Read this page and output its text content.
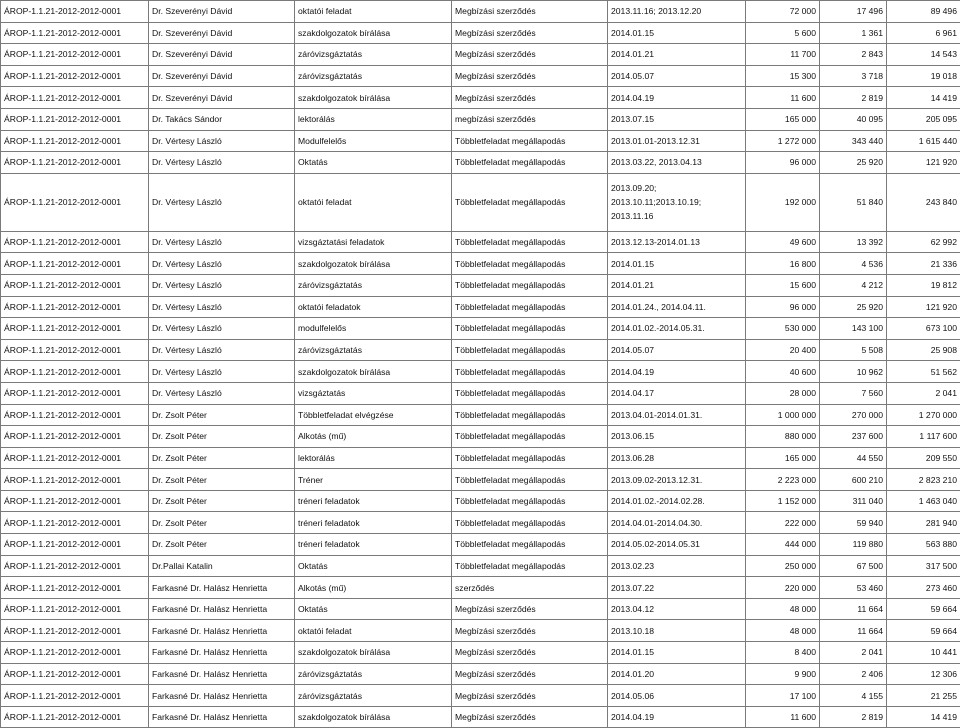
ÁROP-1.1.21-2012-2012-0001	Dr. Szeverényi Dávid	oktatói feladat	Megbízási szerződés	2013.11.16; 2013.12.20	72 000	17 496	89 496
ÁROP-1.1.21-2012-2012-0001	Dr. Szeverényi Dávid	szakdolgozatok bírálása	Megbízási szerződés	2014.01.15	5 600	1 361	6 961
ÁROP-1.1.21-2012-2012-0001	Dr. Szeverényi Dávid	záróvizsgáztatás	Megbízási szerződés	2014.01.21	11 700	2 843	14 543
ÁROP-1.1.21-2012-2012-0001	Dr. Szeverényi Dávid	záróvizsgáztatás	Megbízási szerződés	2014.05.07	15 300	3 718	19 018
ÁROP-1.1.21-2012-2012-0001	Dr. Szeverényi Dávid	szakdolgozatok bírálása	Megbízási szerződés	2014.04.19	11 600	2 819	14 419
ÁROP-1.1.21-2012-2012-0001	Dr. Takács Sándor	lektorálás	megbízási szerződés	2013.07.15	165 000	40 095	205 095
ÁROP-1.1.21-2012-2012-0001	Dr. Vértesy László	Modulfelelős	Többletfeladat megállapodás	2013.01.01-2013.12.31	1 272 000	343 440	1 615 440
ÁROP-1.1.21-2012-2012-0001	Dr. Vértesy László	Oktatás	Többletfeladat megállapodás	2013.03.22, 2013.04.13	96 000	25 920	121 920
ÁROP-1.1.21-2012-2012-0001	Dr. Vértesy László	oktatói feladat	Többletfeladat megállapodás	2013.09.20;
2013.10.11;2013.10.19;
2013.11.16	192 000	51 840	243 840
ÁROP-1.1.21-2012-2012-0001	Dr. Vértesy László	vizsgáztatási feladatok	Többletfeladat megállapodás	2013.12.13-2014.01.13	49 600	13 392	62 992
ÁROP-1.1.21-2012-2012-0001	Dr. Vértesy László	szakdolgozatok bírálása	Többletfeladat megállapodás	2014.01.15	16 800	4 536	21 336
ÁROP-1.1.21-2012-2012-0001	Dr. Vértesy László	záróvizsgáztatás	Többletfeladat megállapodás	2014.01.21	15 600	4 212	19 812
ÁROP-1.1.21-2012-2012-0001	Dr. Vértesy László	oktatói feladatok	Többletfeladat megállapodás	2014.01.24., 2014.04.11.	96 000	25 920	121 920
ÁROP-1.1.21-2012-2012-0001	Dr. Vértesy László	modulfelelős	Többletfeladat megállapodás	2014.01.02.-2014.05.31.	530 000	143 100	673 100
ÁROP-1.1.21-2012-2012-0001	Dr. Vértesy László	záróvizsgáztatás	Többletfeladat megállapodás	2014.05.07	20 400	5 508	25 908
ÁROP-1.1.21-2012-2012-0001	Dr. Vértesy László	szakdolgozatok bírálása	Többletfeladat megállapodás	2014.04.19	40 600	10 962	51 562
ÁROP-1.1.21-2012-2012-0001	Dr. Vértesy László	vizsgáztatás	Többletfeladat megállapodás	2014.04.17	28 000	7 560	2 041
ÁROP-1.1.21-2012-2012-0001	Dr. Zsolt Péter	Többletfeladat elvégzése	Többletfeladat megállapodás	2013.04.01-2014.01.31.	1 000 000	270 000	1 270 000
ÁROP-1.1.21-2012-2012-0001	Dr. Zsolt Péter	Alkotás (mű)	Többletfeladat megállapodás	2013.06.15	880 000	237 600	1 117 600
ÁROP-1.1.21-2012-2012-0001	Dr. Zsolt Péter	lektorálás	Többletfeladat megállapodás	2013.06.28	165 000	44 550	209 550
ÁROP-1.1.21-2012-2012-0001	Dr. Zsolt Péter	Tréner	Többletfeladat megállapodás	2013.09.02-2013.12.31.	2 223 000	600 210	2 823 210
ÁROP-1.1.21-2012-2012-0001	Dr. Zsolt Péter	tréneri feladatok	Többletfeladat megállapodás	2014.01.02.-2014.02.28.	1 152 000	311 040	1 463 040
ÁROP-1.1.21-2012-2012-0001	Dr. Zsolt Péter	tréneri feladatok	Többletfeladat megállapodás	2014.04.01-2014.04.30.	222 000	59 940	281 940
ÁROP-1.1.21-2012-2012-0001	Dr. Zsolt Péter	tréneri feladatok	Többletfeladat megállapodás	2014.05.02-2014.05.31	444 000	119 880	563 880
ÁROP-1.1.21-2012-2012-0001	Dr.Pallai Katalin	Oktatás	Többletfeladat megállapodás	2013.02.23	250 000	67 500	317 500
ÁROP-1.1.21-2012-2012-0001	Farkasné Dr. Halász Henrietta	Alkotás (mű)	szerződés	2013.07.22	220 000	53 460	273 460
ÁROP-1.1.21-2012-2012-0001	Farkasné Dr. Halász Henrietta	Oktatás	Megbízási szerződés	2013.04.12	48 000	11 664	59 664
ÁROP-1.1.21-2012-2012-0001	Farkasné Dr. Halász Henrietta	oktatói feladat	Megbízási szerződés	2013.10.18	48 000	11 664	59 664
ÁROP-1.1.21-2012-2012-0001	Farkasné Dr. Halász Henrietta	szakdolgozatok bírálása	Megbízási szerződés	2014.01.15	8 400	2 041	10 441
ÁROP-1.1.21-2012-2012-0001	Farkasné Dr. Halász Henrietta	záróvizsgáztatás	Megbízási szerződés	2014.01.20	9 900	2 406	12 306
ÁROP-1.1.21-2012-2012-0001	Farkasné Dr. Halász Henrietta	záróvizsgáztatás	Megbízási szerződés	2014.05.06	17 100	4 155	21 255
ÁROP-1.1.21-2012-2012-0001	Farkasné Dr. Halász Henrietta	szakdolgozatok bírálása	Megbízási szerződés	2014.04.19	11 600	2 819	14 419
